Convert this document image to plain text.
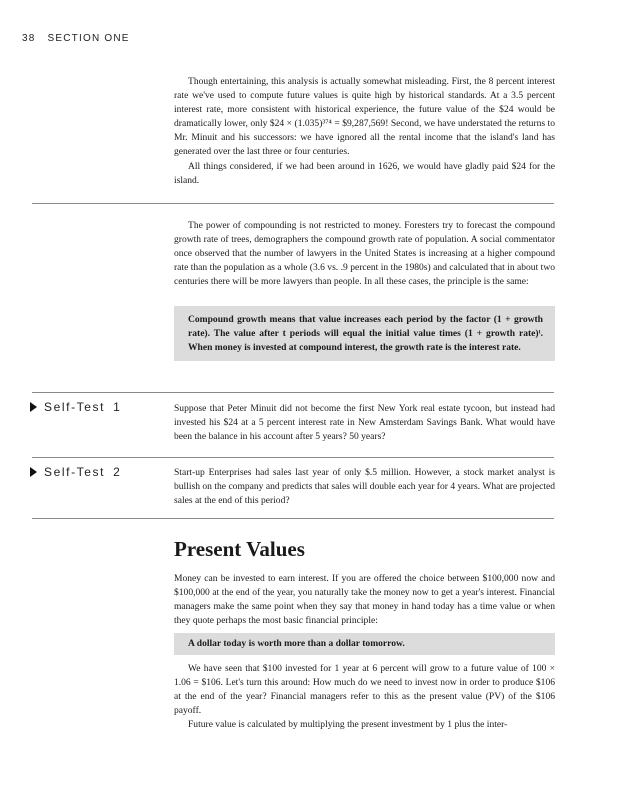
38 SECTION ONE

Though entertaining, this analysis is actually somewhat misleading. First, the 8 percent interest rate we've used to compute future values is quite high by historical standards. At a 3.5 percent interest rate, more consistent with historical experience, the future value of the $24 would be dramatically lower, only $24 × (1.035)³⁷⁴ = $9,287,569! Second, we have understated the returns to Mr. Minuit and his successors: we have ignored all the rental income that the island's land has generated over the last three or four centuries.

All things considered, if we had been around in 1626, we would have gladly paid $24 for the island.

The power of compounding is not restricted to money. Foresters try to forecast the compound growth rate of trees, demographers the compound growth rate of population. A social commentator once observed that the number of lawyers in the United States is increasing at a higher compound rate than the population as a whole (3.6 vs. .9 percent in the 1980s) and calculated that in about two centuries there will be more lawyers than people. In all these cases, the principle is the same:

Compound growth means that value increases each period by the factor (1 + growth rate). The value after t periods will equal the initial value times (1 + growth rate)ᵗ. When money is invested at compound interest, the growth rate is the interest rate.
Self-Test 1	Suppose that Peter Minuit did not become the first New York real estate tycoon, but instead had invested his $24 at a 5 percent interest rate in New Amsterdam Savings Bank. What would have been the balance in his account after 5 years? 50 years?
Self-Test 2	Start-up Enterprises had sales last year of only $.5 million. However, a stock market analyst is bullish on the company and predicts that sales will double each year for 4 years. What are projected sales at the end of this period?
Present Values

Money can be invested to earn interest. If you are offered the choice between $100,000 now and $100,000 at the end of the year, you naturally take the money now to get a year's interest. Financial managers make the same point when they say that money in hand today has a time value or when they quote perhaps the most basic financial principle:

A dollar today is worth more than a dollar tomorrow.

We have seen that $100 invested for 1 year at 6 percent will grow to a future value of 100 × 1.06 = $106. Let's turn this around: How much do we need to invest now in order to produce $106 at the end of the year? Financial managers refer to this as the present value (PV) of the $106 payoff.

Future value is calculated by multiplying the present investment by 1 plus the inter-
